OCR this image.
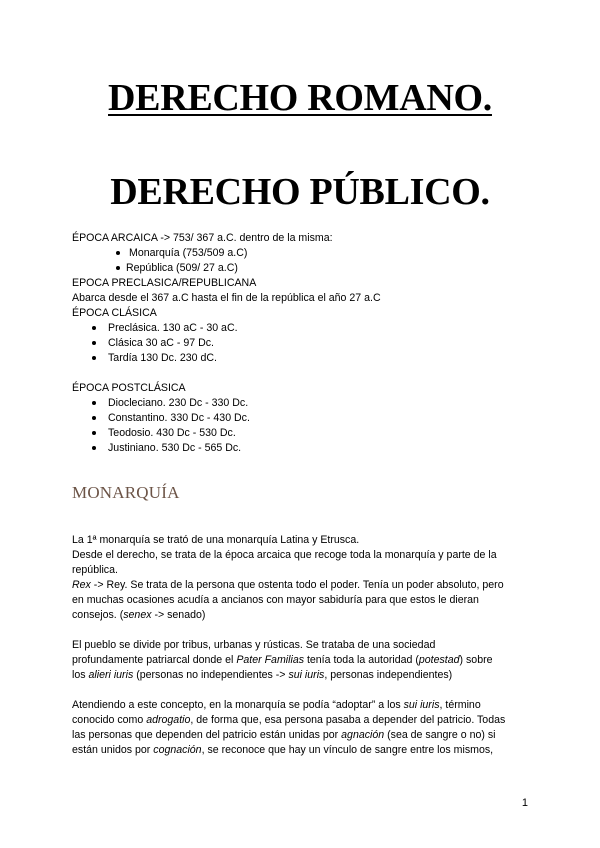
DERECHO ROMANO.
DERECHO PÚBLICO.
ÉPOCA ARCAICA -> 753/ 367 a.C. dentro de la misma:
Monarquía (753/509 a.C)
República (509/ 27 a.C)
EPOCA PRECLASICA/REPUBLICANA
Abarca desde el 367 a.C hasta el fin de la república el año 27 a.C
ÉPOCA CLÁSICA
Preclásica. 130 aC - 30 aC.
Clásica 30 aC - 97 Dc.
Tardía 130 Dc. 230 dC.
ÉPOCA POSTCLÁSICA
Diocleciano. 230 Dc - 330 Dc.
Constantino. 330 Dc - 430 Dc.
Teodosio. 430 Dc - 530 Dc.
Justiniano. 530 Dc - 565 Dc.
MONARQUÍA
La 1ª monarquía se trató de una monarquía Latina y Etrusca.
Desde el derecho, se trata de la época arcaica que recoge toda la monarquía y parte de la
república.
Rex -> Rey. Se trata de la persona que ostenta todo el poder. Tenía un poder absoluto, pero
en muchas ocasiones acudía a ancianos con mayor sabiduría para que estos le dieran
consejos. (senex -> senado)
El pueblo se divide por tribus, urbanas y rústicas. Se trataba de una sociedad
profundamente patriarcal donde el Pater Familias tenía toda la autoridad (potestad) sobre
los alieri iuris (personas no independientes -> sui iuris, personas independientes)
Atendiendo a este concepto, en la monarquía se podía “adoptar” a los sui iuris, término
conocido como adrogatio, de forma que, esa persona pasaba a depender del patricio. Todas
las personas que dependen del patricio están unidas por agnación (sea de sangre o no) si
están unidos por cognación, se reconoce que hay un vínculo de sangre entre los mismos,
1
